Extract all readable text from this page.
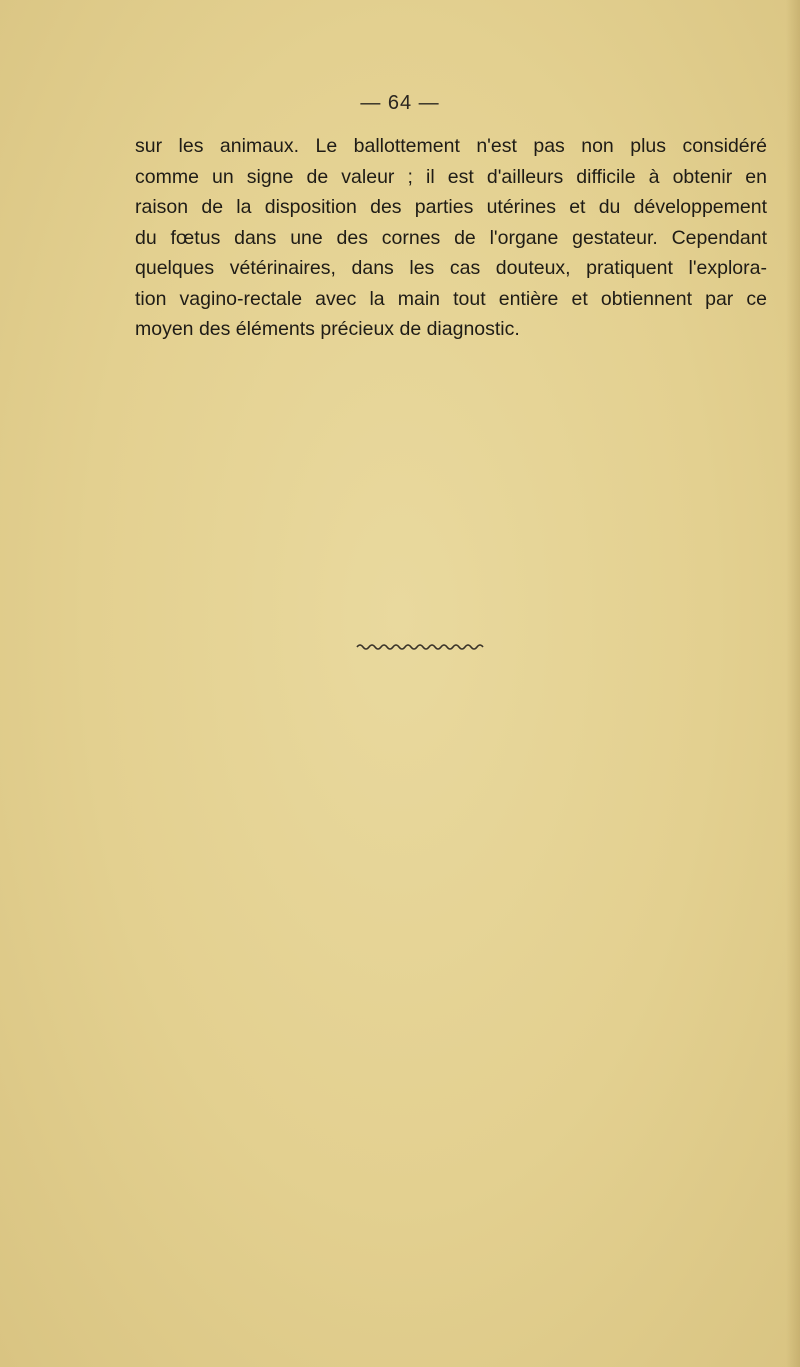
— 64 —

sur les animaux. Le ballottement n'est pas non plus considéré
comme un signe de valeur ; il est d'ailleurs difficile à obtenir en
raison de la disposition des parties utérines et du développement
du fœtus dans une des cornes de l'organe gestateur. Cependant
quelques vétérinaires, dans les cas douteux, pratiquent l'explora-
tion vagino-rectale avec la main tout entière et obtiennent par ce
moyen des éléments précieux de diagnostic.
